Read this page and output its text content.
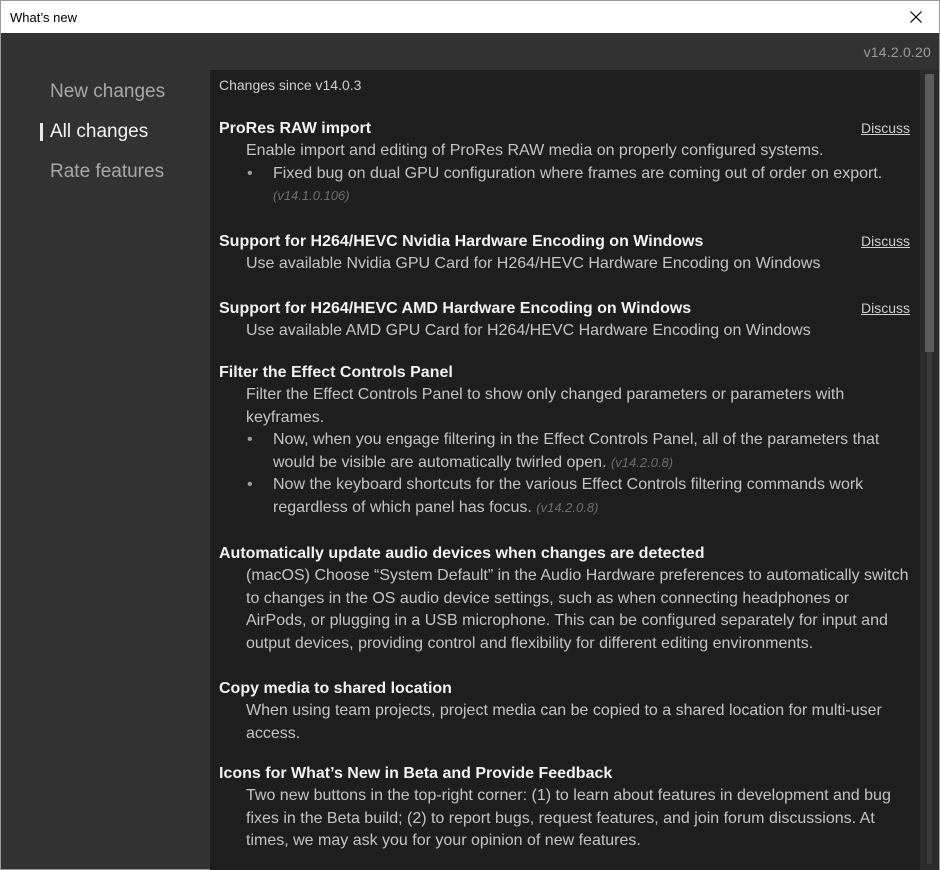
What’s new
v14.2.0.20
New changes
All changes
Rate features
Changes since v14.0.3
ProRes RAW import	Discuss
Enable import and editing of ProRes RAW media on properly configured systems.
• Fixed bug on dual GPU configuration where frames are coming out of order on export.
(v14.1.0.106)
Support for H264/HEVC Nvidia Hardware Encoding on Windows	Discuss
Use available Nvidia GPU Card for H264/HEVC Hardware Encoding on Windows
Support for H264/HEVC AMD Hardware Encoding on Windows	Discuss
Use available AMD GPU Card for H264/HEVC Hardware Encoding on Windows
Filter the Effect Controls Panel
Filter the Effect Controls Panel to show only changed parameters or parameters with keyframes.
• Now, when you engage filtering in the Effect Controls Panel, all of the parameters that would be visible are automatically twirled open. (v14.2.0.8)
• Now the keyboard shortcuts for the various Effect Controls filtering commands work regardless of which panel has focus. (v14.2.0.8)
Automatically update audio devices when changes are detected
(macOS) Choose “System Default” in the Audio Hardware preferences to automatically switch to changes in the OS audio device settings, such as when connecting headphones or AirPods, or plugging in a USB microphone. This can be configured separately for input and output devices, providing control and flexibility for different editing environments.
Copy media to shared location
When using team projects, project media can be copied to a shared location for multi-user access.
Icons for What’s New in Beta and Provide Feedback
Two new buttons in the top-right corner: (1) to learn about features in development and bug fixes in the Beta build; (2) to report bugs, request features, and join forum discussions. At times, we may ask you for your opinion of new features.
